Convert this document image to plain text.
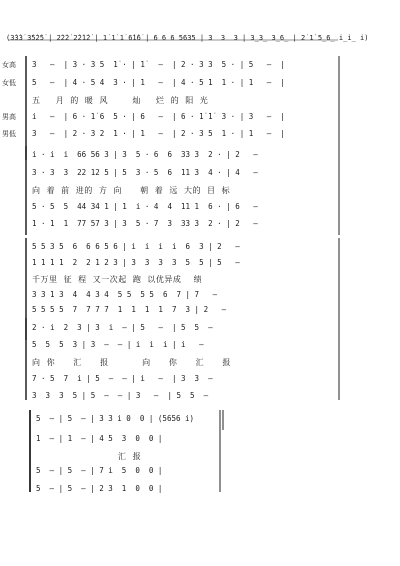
(3̇3̇3̇ 3̇5̇2̇5̇ | 2̇2̇2̇ 2̇2̇1̇2̇ | 1̇ 1̇ 1̇ 6̇1̇6̇ | 6 6 6 5635 | 3  3  3 | 3̲3̲ 3̲6̲ | 2̇ 1̇ 5̲6̲ i̲i̲ i)
女高
女低
男高
男低
3   —  | 3 · 3 5  1̇ · | 1̇   —  | 2 · 3 3  5 · | 5   —  |
5   —  | 4 · 5 4  3 · | 1   —  | 4 · 5 1  1 · | 1   —  |
五     月  的  暖  风        灿     烂  的  阳  光
i   —  | 6 · 1̇ 6  5 · | 6   —  | 6 · 1̇ 1̇  3 · | 3   —  |
3   —  | 2 · 3 2  1 · | 1   —  | 2 · 3 5  1 · | 1   —  |
i · i  i  66 56 3 | 3  5 · 6  6  33 3  2 · | 2   —
3 · 3  3  22 12 5 | 5  3 · 5  6  11 3  4 · | 4   —
向  着  前  进的  方  向      朝  着  远  大的  目  标
5 · 5  5  44 34 1 | 1  i · 4  4  11 1  6 · | 6   —
1 · 1  1  77 57 3 | 3  5 · 7  3  33 3  2 · | 2   —
5 5 3 5  6  6 6 5 6 | i  i  i  i  6  3 | 2   —
1 1 1 1  2  2 1 2 3 | 3  3  3  3  5  5 | 5   —
千万里  征  程  又一次起  跑  以优异成    绩
3 3 1 3  4  4 3 4  5 5  5 5  6  7 | 7   —
5 5 5 5  7  7 7 7  1  1  1  1  7  3 | 2   —
2 · i  2  3 | 3  i  — | 5   —  | 5  5  —
5  5  5  3 | 3  —  — | i  i  i | i   —
向  你      汇      报           向      你      汇      报
7 · 5  7  i | 5  —  — | i   —  | 3  3  —
3  3  3  5 | 5  —  — | 3   —  | 5  5  —
5  — | 5  — | 3 3 i 0  0 | (5656 i)
1  — | 1  — | 4 5  3  0  0 |
汇  报
5  — | 5  — | 7 i  5  0  0 |
5  — | 5  — | 2 3  1  0  0 |
